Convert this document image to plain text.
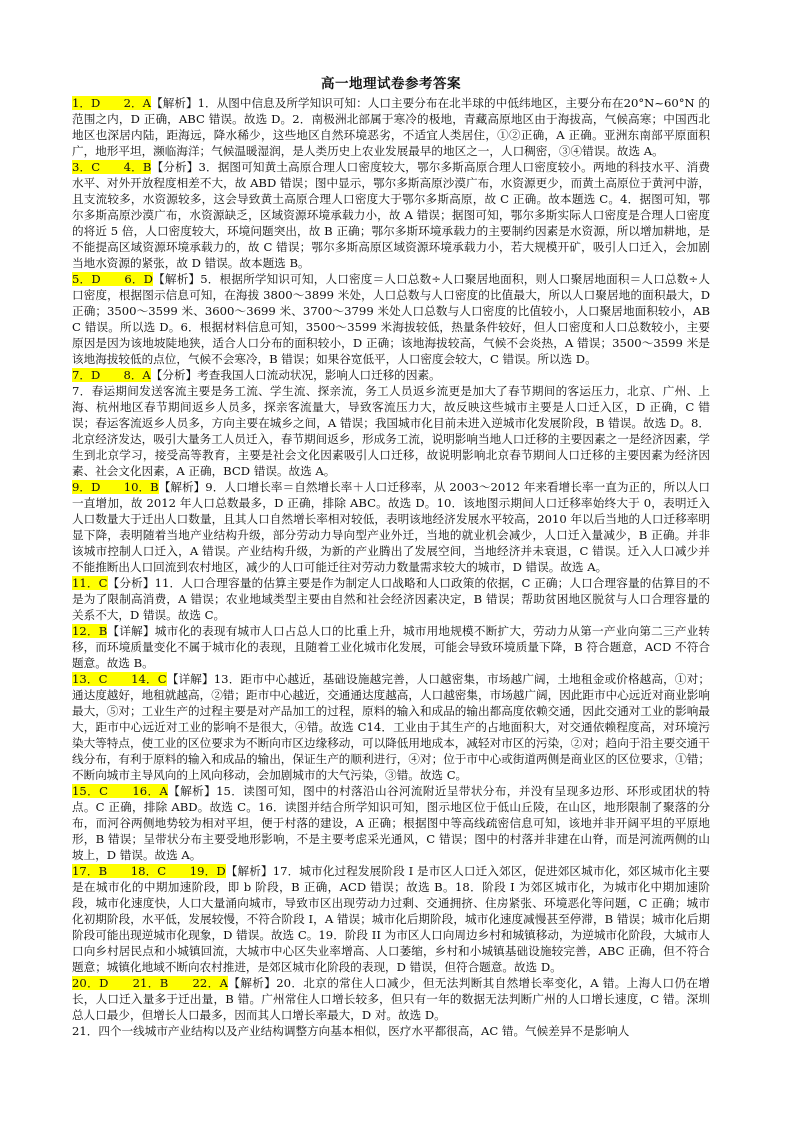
高一地理试卷参考答案

1．D　　2．A【解析】1．从图中信息及所学知识可知：人口主要分布在北半球的中低纬地区，主要分布在20°N~60°N 的范围之内，D 正确，ABC 错误。故选 D。2．南极洲北部属于寒冷的极地，青藏高原地区由于海拔高，气候高寒；中国西北地区也深居内陆，距海远，降水稀少，这些地区自然环境恶劣，不适宜人类居住，①②正确，A 正确。亚洲东南部平原面积广，地形平坦，濒临海洋；气候温暖湿润，是人类历史上农业发展最早的地区之一，人口稠密，③④错误。故选 A。

3．C　　4．B【分析】3．据图可知黄土高原合理人口密度较大，鄂尔多斯高原合理人口密度较小。两地的科技水平、消费水平、对外开放程度相差不大，故 ABD 错误；图中显示，鄂尔多斯高原沙漠广布，水资源更少，而黄土高原位于黄河中游，且支流较多，水资源较多，这会导致黄土高原合理人口密度大于鄂尔多斯高原，故 C 正确。故本题选 C。4．据图可知，鄂尔多斯高原沙漠广布，水资源缺乏，区域资源环境承载力小，故 A 错误；据图可知，鄂尔多斯实际人口密度是合理人口密度的将近 5 倍，人口密度较大，环境问题突出，故 B 正确；鄂尔多斯环境承载力的主要制约因素是水资源，所以增加耕地，是不能提高区域资源环境承载力的，故 C 错误；鄂尔多斯高原区域资源环境承载力小，若大规模开矿，吸引人口迁入，会加剧当地水资源的紧张，故 D 错误。故本题选 B。

5．D　　6．D【解析】5．根据所学知识可知，人口密度＝人口总数÷人口聚居地面积，则人口聚居地面积＝人口总数÷人口密度，根据图示信息可知，在海拔 3800～3899 米处，人口总数与人口密度的比值最大，所以人口聚居地的面积最大，D 正确；3500～3599 米、3600～3699 米、3700～3799 米处人口总数与人口密度的比值较小，人口聚居地面积较小，ABC 错误。所以选 D。6．根据材料信息可知，3500～3599 米海拔较低，热量条件较好，但人口密度和人口总数较小，主要原因是因为该地坡陡地狭，适合人口分布的面积较小，D 正确；该地海拔较高，气候不会炎热，A 错误；3500～3599 米是该地海拔较低的点位，气候不会寒冷，B 错误；如果谷宽低平，人口密度会较大，C 错误。所以选 D。

7．D　　8．A【分析】考查我国人口流动状况，影响人口迁移的因素。

7．春运期间发送客流主要是务工流、学生流、探亲流，务工人员返乡流更是加大了春节期间的客运压力，北京、广州、上海、杭州地区春节期间返乡人员多，探亲客流量大，导致客流压力大，故反映这些城市主要是人口迁入区，D 正确，C 错误；春运客流返乡人员多，方向主要在城乡之间，A 错误；我国城市化目前未进入逆城市化发展阶段，B 错误。故选 D。8．北京经济发达，吸引大量务工人员迁入，春节期间返乡，形成务工流，说明影响当地人口迁移的主要因素之一是经济因素，学生到北京学习，接受高等教育，主要是社会文化因素吸引人口迁移，故说明影响北京春节期间人口迁移的主要因素为经济因素、社会文化因素，A 正确，BCD 错误。故选 A。

9．D　　10．B【解析】9．人口增长率＝自然增长率＋人口迁移率，从 2003～2012 年来看增长率一直为正的，所以人口一直增加，故 2012 年人口总数最多，D 正确，排除 ABC。故选 D。10．该地图示期间人口迁移率始终大于 0，表明迁入人口数量大于迁出人口数量，且其人口自然增长率相对较低，表明该地经济发展水平较高，2010 年以后当地的人口迁移率明显下降，表明随着当地产业结构升级，部分劳动力导向型产业外迁，当地的就业机会减少，人口迁入量减少，B 正确。并非该城市控制人口迁入，A 错误。产业结构升级，为新的产业腾出了发展空间，当地经济并未衰退，C 错误。迁入人口减少并不能推断出人口回流到农村地区，减少的人口可能迁往对劳动力数量需求较大的城市，D 错误。故选 A。

11．C【分析】11．人口合理容量的估算主要是作为制定人口战略和人口政策的依据，C 正确；人口合理容量的估算目的不是为了限制高消费，A 错误；农业地域类型主要由自然和社会经济因素决定，B 错误；帮助贫困地区脱贫与人口合理容量的关系不大，D 错误。故选 C。

12．B【详解】城市化的表现有城市人口占总人口的比重上升，城市用地规模不断扩大，劳动力从第一产业向第二三产业转移，而环境质量变化不属于城市化的表现，且随着工业化城市化发展，可能会导致环境质量下降，B 符合题意，ACD 不符合题意。故选 B。

13．C　　14．C【详解】13．距市中心越近，基础设施越完善，人口越密集，市场越广阔，土地租金或价格越高，①对；通达度越好，地租就越高，②错；距市中心越近，交通通达度越高，人口越密集，市场越广阔，因此距市中心远近对商业影响最大，⑤对；工业生产的过程主要是对产品加工的过程，原料的输入和成品的输出都高度依赖交通，因此交通对工业的影响最大，距市中心远近对工业的影响不是很大，④错。故选 C14．工业由于其生产的占地面积大，对交通依赖程度高，对环境污染大等特点，使工业的区位要求为不断向市区边缘移动，可以降低用地成本，减轻对市区的污染，②对；趋向于沿主要交通干线分布，有利于原料的输入和成品的输出，保证生产的顺利进行，④对；位于市中心或街道两侧是商业区的区位要求，①错；不断向城市主导风向的上风向移动，会加剧城市的大气污染，③错。故选 C。

15．C　　16．A【解析】15．读图可知，图中的村落沿山谷河流附近呈带状分布，并没有呈现多边形、环形或团状的特点。C 正确，排除 ABD。故选 C。16．读图并结合所学知识可知，图示地区位于低山丘陵，在山区，地形限制了聚落的分布，而河谷两侧地势较为相对平坦，便于村落的建设，A 正确；根据图中等高线疏密信息可知，该地并非开阔平坦的平原地形，B 错误；呈带状分布主要受地形影响，不是主要考虑采光通风，C 错误；图中的村落并非建在山脊，而是河流两侧的山坡上，D 错误。故选 A。

17．B　　18．C　　19．D【解析】17．城市化过程发展阶段 I 是市区人口迁入郊区，促进郊区城市化，郊区城市化主要是在城市化的中期加速阶段，即 b 阶段，B 正确，ACD 错误；故选 B。18．阶段 I 为郊区城市化，为城市化中期加速阶段，城市化速度快，人口大量涌向城市，导致市区出现劳动力过剩、交通拥挤、住房紧张、环境恶化等问题，C 正确；城市化初期阶段，水平低，发展较慢，不符合阶段 I，A 错误；城市化后期阶段，城市化速度减慢甚至停滞，B 错误；城市化后期阶段可能出现逆城市化现象，D 错误。故选 C。19．阶段 II 为市区人口向周边乡村和城镇移动，为逆城市化阶段，大城市人口向乡村居民点和小城镇回流，大城市中心区失业率增高、人口萎缩，乡村和小城镇基础设施较完善，ABC 正确，但不符合题意；城镇化地域不断向农村推进，是郊区城市化阶段的表现，D 错误，但符合题意。故选 D。

20．D　　21．B　　22．A【解析】20．北京的常住人口减少，但无法判断其自然增长率变化，A 错。上海人口仍在增长，人口迁入量多于迁出量，B 错。广州常住人口增长较多，但只有一年的数据无法判断广州的人口增长速度，C 错。深圳总人口最少，但增长人口最多，因而其人口增长率最大，D 对。故选 D。

21．四个一线城市产业结构以及产业结构调整方向基本相似，医疗水平都很高，AC 错。气候差异不是影响人
